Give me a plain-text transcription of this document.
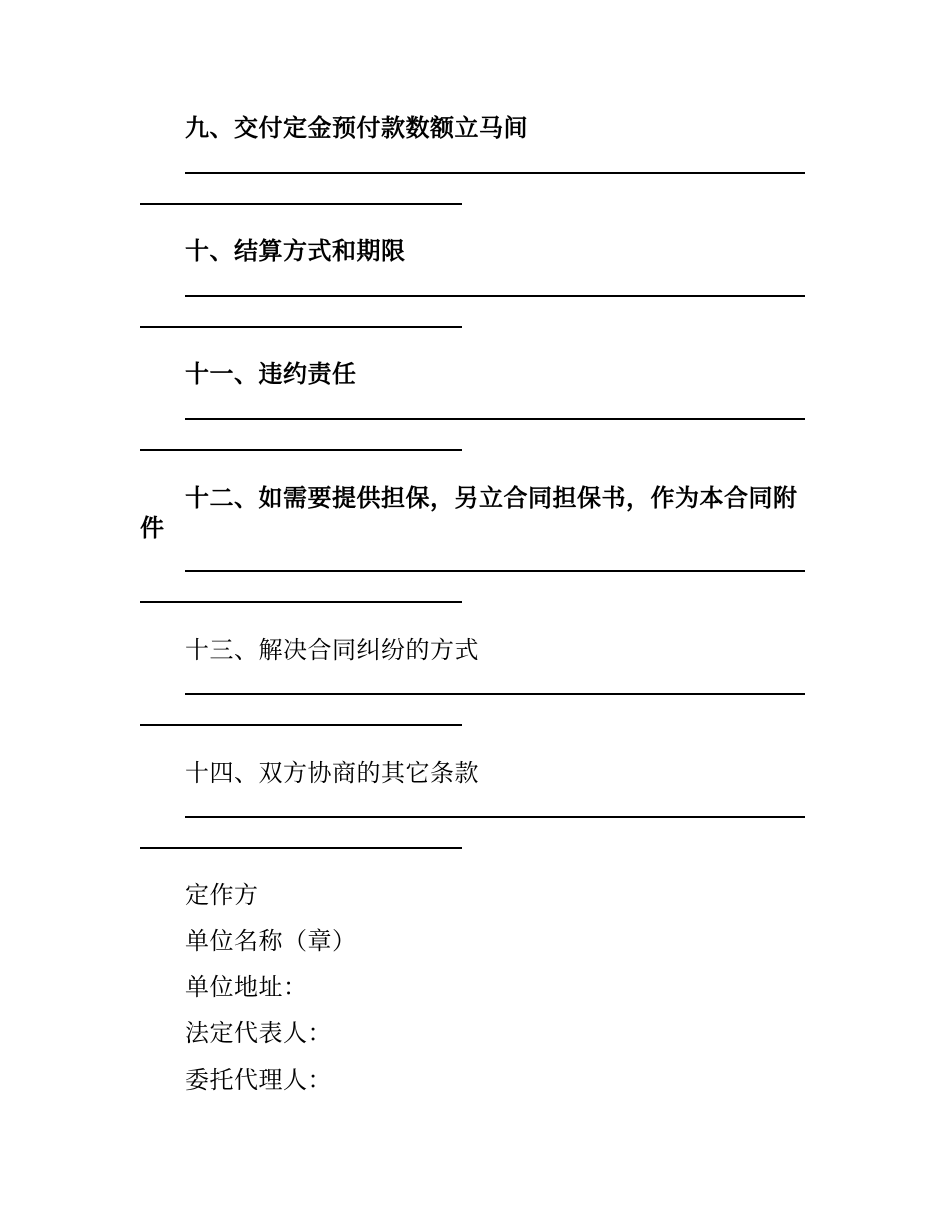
九、交付定金预付款数额立马间

十、结算方式和期限

十一、违约责任

十二、如需要提供担保，另立合同担保书，作为本合同附件

十三、解决合同纠纷的方式

十四、双方协商的其它条款

定作方

单位名称（章）

单位地址：

法定代表人：

委托代理人：
